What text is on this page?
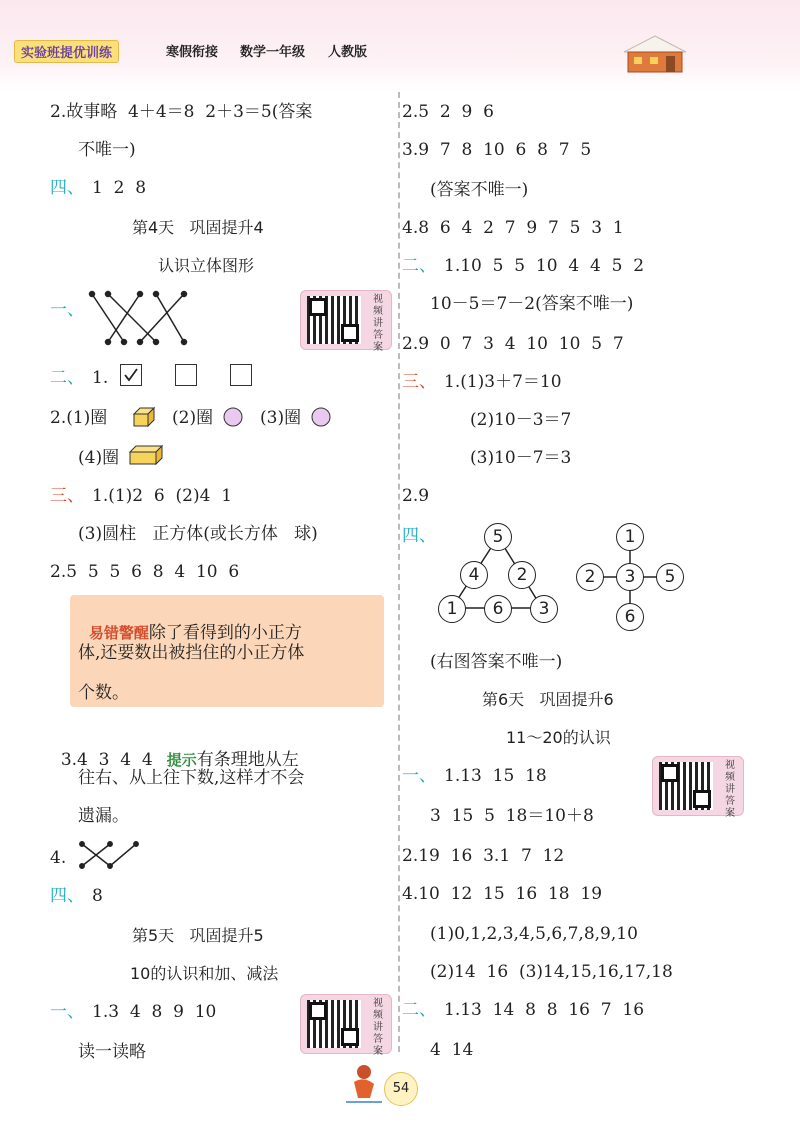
实验班提优训练	寒假衔接 数学一年级 人教版
2.故事略  4＋4＝8  2＋3＝5(答案
不唯一)
四、 1  2  8
第4天   巩固提升4
认识立体图形
一、
视频讲答案
二、 1.

2.(1)圈	(2)圈	(3)圈
(4)圈
三、 1.(1)2  6  (2)4  1
(3)圆柱   正方体(或长方体   球)
2.5  5  5  6  8  4  10  6

易错警醒除了看得到的小正方

体,还要数出被挡住的小正方体
个数。

3.4  3  4  4 提示有条理地从左

往右、从上往下数,这样才不会
遗漏。
4.
四、 8
第5天   巩固提升5
10的认识和加、减法
一、 1.3  4  8  9  10	视频讲答案
读一读略
2.5  2  9  6
3.9  7  8  10  6  8  7  5
(答案不唯一)
4.8  6  4  2  7  9  7  5  3  1
二、 1.10  5  5  10  4  4  5  2
10－5＝7－2(答案不唯一)
2.9  0  7  3  4  10  10  5  7
三、 1.(1)3＋7＝10
(2)10－3＝7
(3)10－7＝3
2.9
四、	5
4	2
1	6	3
1
2	3	5
6
(右图答案不唯一)
第6天   巩固提升6
11～20的认识
一、 1.13  15  18
视频讲答案
3  15  5  18＝10＋8
2.19  16  3.1  7  12
4.10  12  15  16  18  19
(1)0,1,2,3,4,5,6,7,8,9,10
(2)14  16  (3)14,15,16,17,18
二、 1.13  14  8  8  16  7  16
4  14
54
